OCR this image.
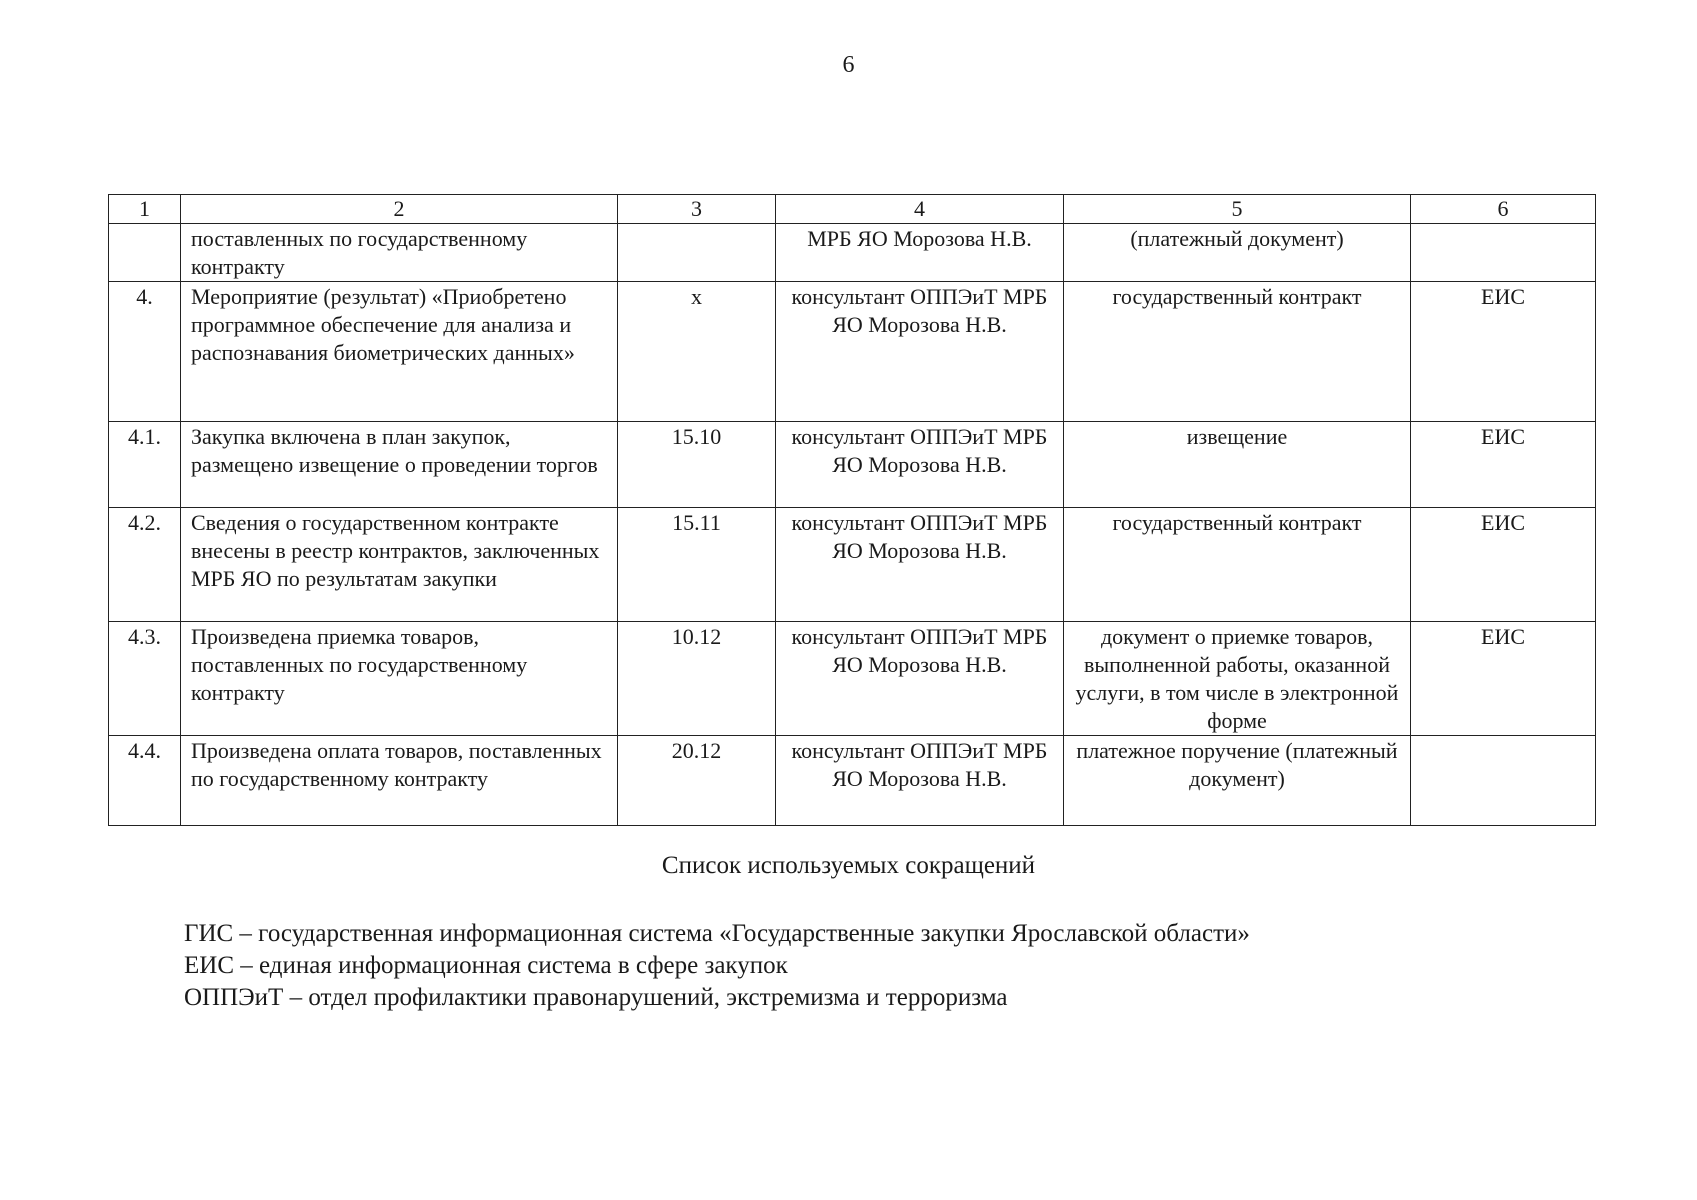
6
1	2	3	4	5	6
	поставленных по государственному контракту		МРБ ЯО Морозова Н.В.	(платежный документ)	
4.	Мероприятие (результат) «Приобретено программное обеспечение для анализа и распознавания биометрических данных»	х	консультант ОППЭиТ МРБ ЯО Морозова Н.В.	государственный контракт	ЕИС
4.1.	Закупка включена в план закупок, размещено извещение о проведении торгов	15.10	консультант ОППЭиТ МРБ ЯО Морозова Н.В.	извещение	ЕИС
4.2.	Сведения о государственном контракте внесены в реестр контрактов, заключенных МРБ ЯО по результатам закупки	15.11	консультант ОППЭиТ МРБ ЯО Морозова Н.В.	государственный контракт	ЕИС
4.3.	Произведена приемка товаров, поставленных по государственному контракту	10.12	консультант ОППЭиТ МРБ ЯО Морозова Н.В.	документ о приемке товаров, выполненной работы, оказанной услуги, в том числе в электронной форме	ЕИС
4.4.	Произведена оплата товаров, поставленных по государственному контракту	20.12	консультант ОППЭиТ МРБ ЯО Морозова Н.В.	платежное поручение (платежный документ)	
Список используемых сокращений
ГИС – государственная информационная система «Государственные закупки Ярославской области»
ЕИС – единая информационная система в сфере закупок
ОППЭиТ – отдел профилактики правонарушений, экстремизма и терроризма
